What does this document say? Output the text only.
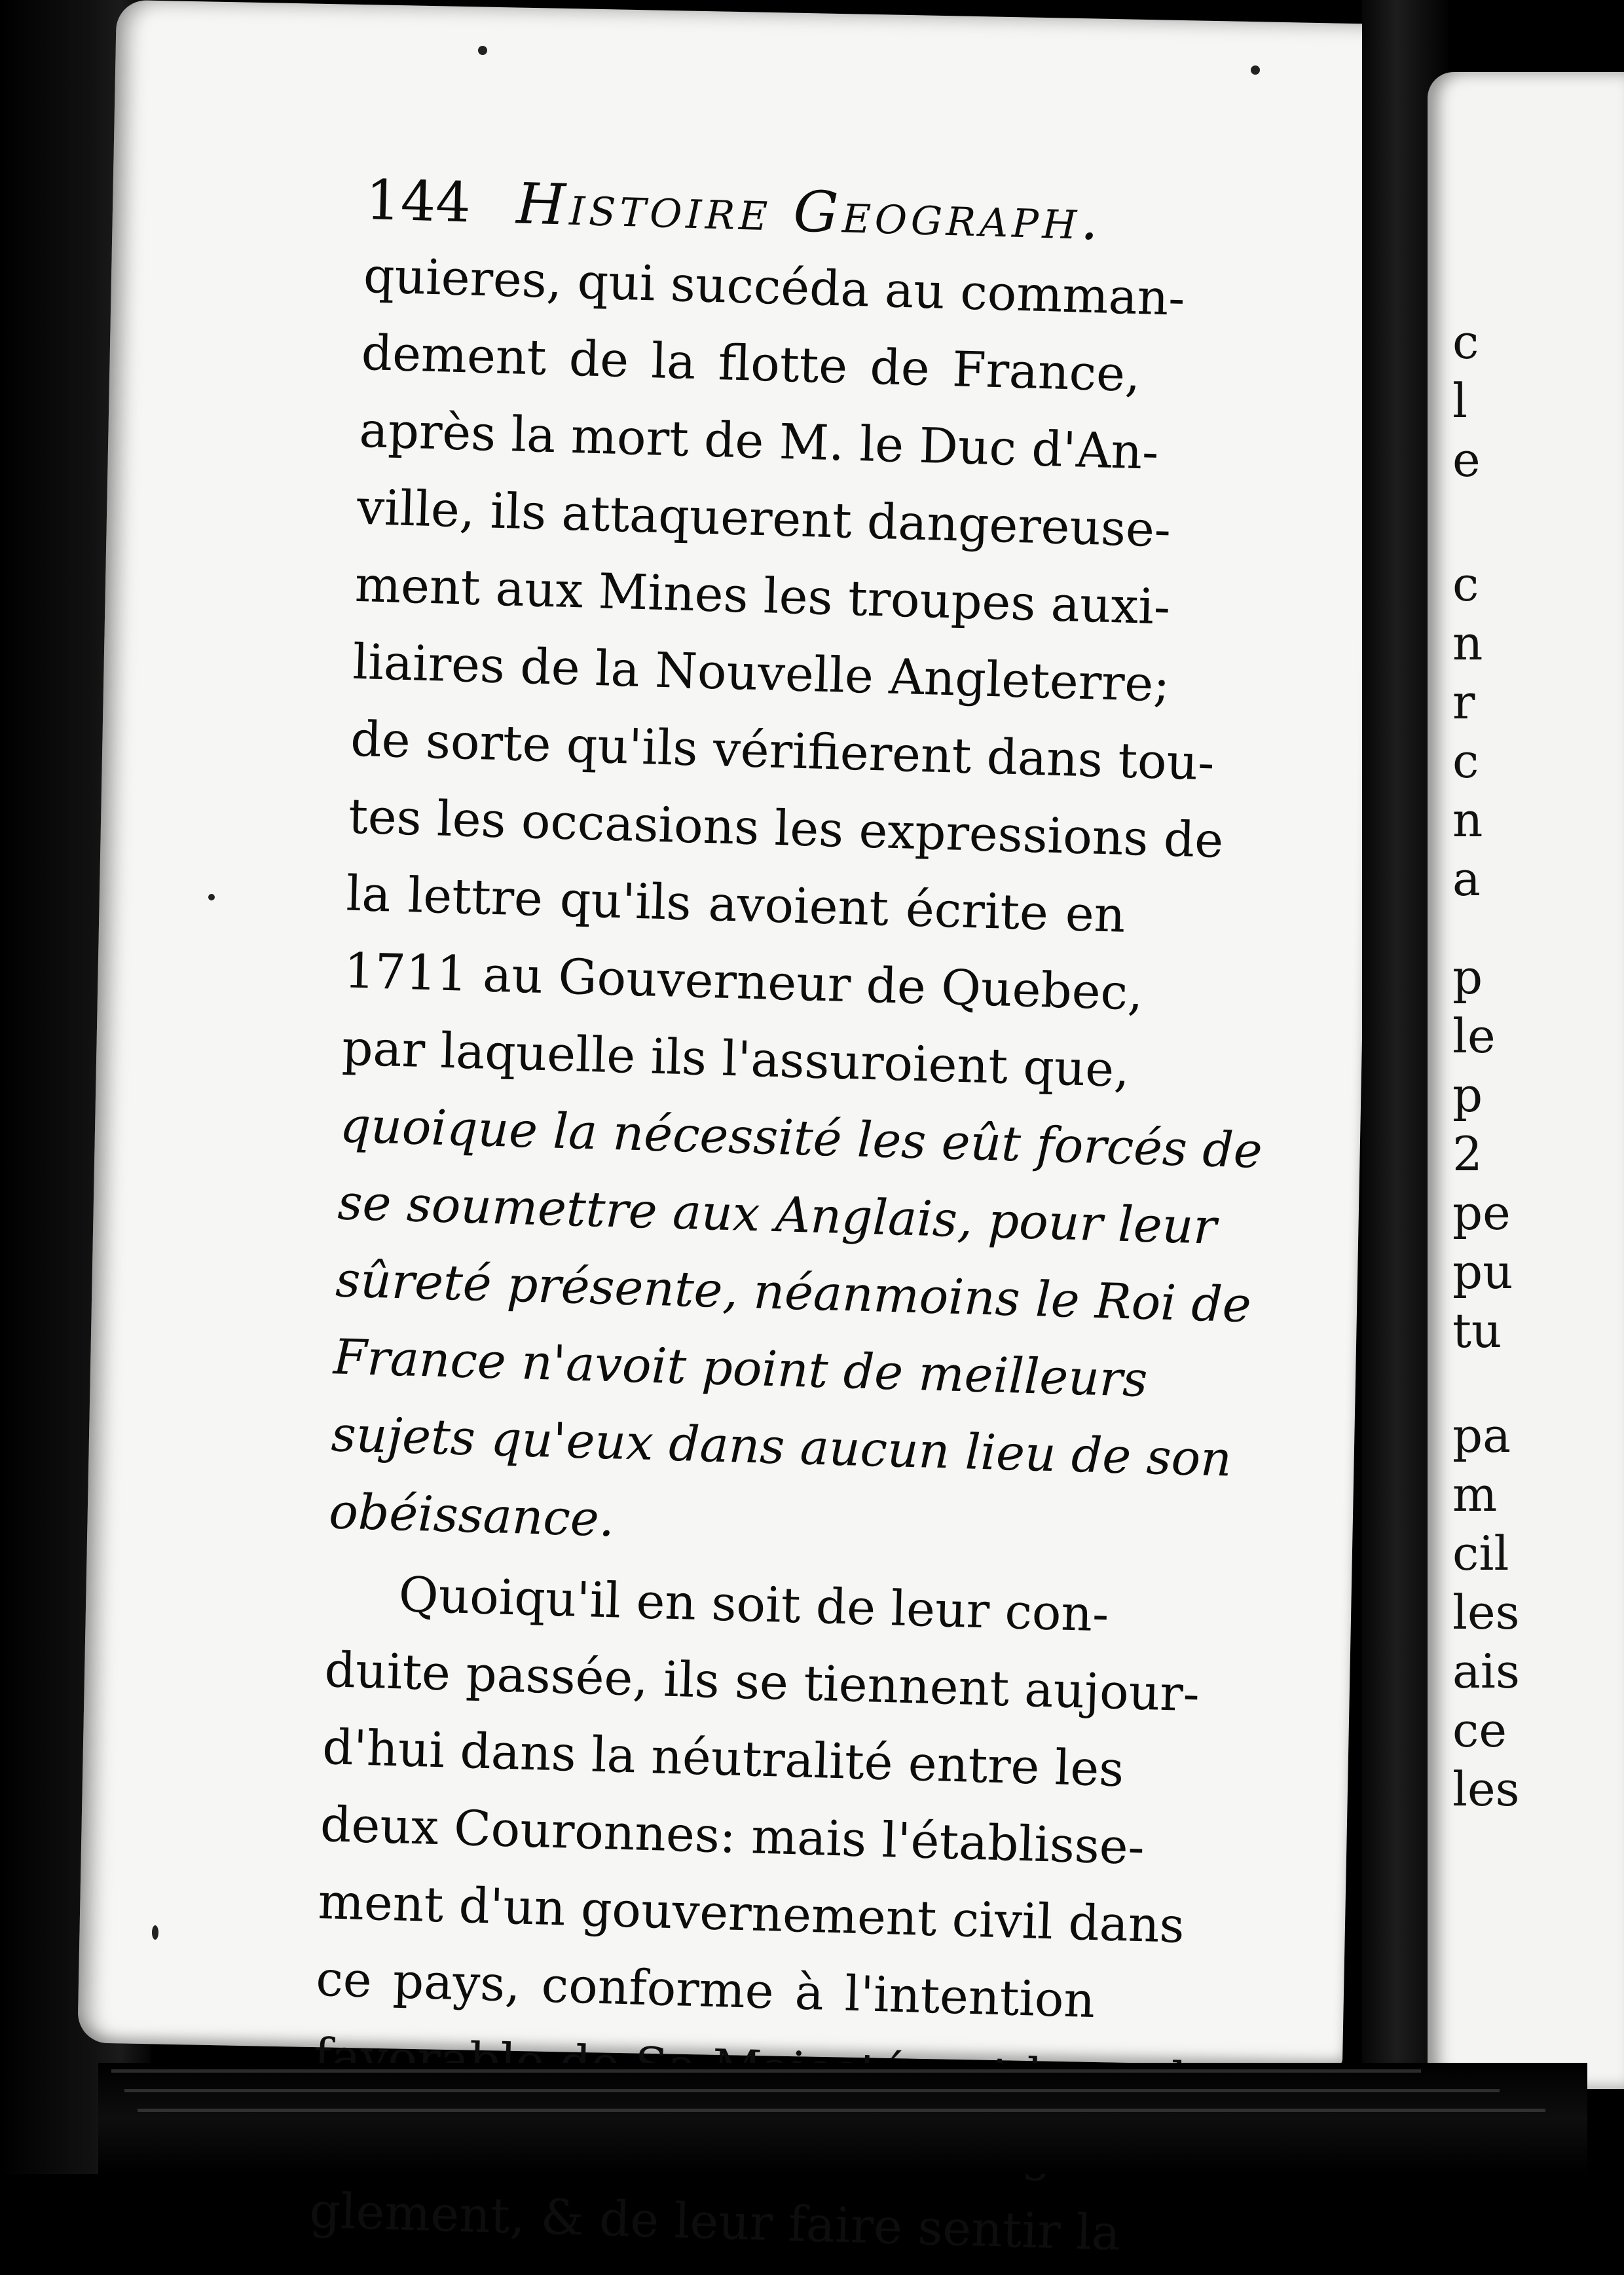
144 Histoire Geograph.
quieres, qui succéda au comman-
dement de la flotte de France,
après la mort de M. le Duc d'An-
ville, ils attaquerent dangereuse-
ment aux Mines les troupes auxi-
liaires de la Nouvelle Angleterre;
de sorte qu'ils vérifierent dans tou-
tes les occasions les expressions de
la lettre qu'ils avoient écrite en
1711 au Gouverneur de Quebec,
par laquelle ils l'assuroient que,
quoique la nécessité les eût forcés de
se soumettre aux Anglais, pour leur
sûreté présente, néanmoins le Roi de
France n'avoit point de meilleurs
sujets qu'eux dans aucun lieu de son
obéissance.
Quoiqu'il en soit de leur con-
duite passée, ils se tiennent aujour-
d'hui dans la néutralité entre les
deux Couronnes: mais l'établisse-
ment d'un gouvernement civil dans
ce pays, conforme à l'intention
glement, & de leur faire sentir la
c
l
e
c
n
r
c
n
a
p
le
p
2
pe
pu
tu
pa
m
cil
les
ais
ce
les
